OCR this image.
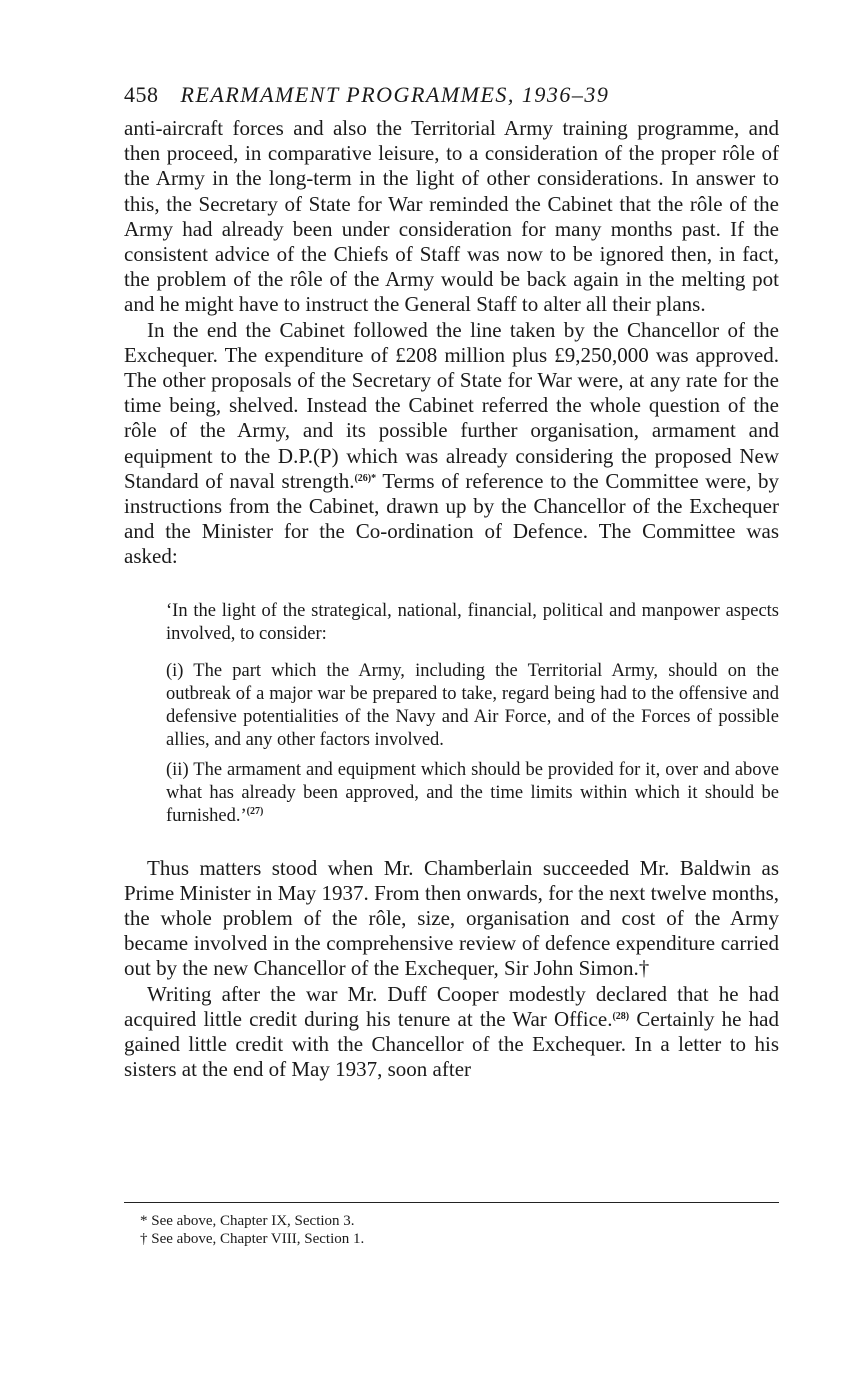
458 REARMAMENT PROGRAMMES, 1936–39

anti-aircraft forces and also the Territorial Army training programme, and then proceed, in comparative leisure, to a consideration of the proper rôle of the Army in the long-term in the light of other considerations. In answer to this, the Secretary of State for War reminded the Cabinet that the rôle of the Army had already been under consideration for many months past. If the consistent advice of the Chiefs of Staff was now to be ignored then, in fact, the problem of the rôle of the Army would be back again in the melting pot and he might have to instruct the General Staff to alter all their plans.

In the end the Cabinet followed the line taken by the Chancellor of the Exchequer. The expenditure of £208 million plus £9,250,000 was approved. The other proposals of the Secretary of State for War were, at any rate for the time being, shelved. Instead the Cabinet referred the whole question of the rôle of the Army, and its possible further organisation, armament and equipment to the D.P.(P) which was already considering the proposed New Standard of naval strength.$^{(26)*}$ Terms of reference to the Committee were, by instructions from the Cabinet, drawn up by the Chancellor of the Exchequer and the Minister for the Co-ordination of Defence. The Committee was asked:

‘In the light of the strategical, national, financial, political and manpower aspects involved, to consider:

(i) The part which the Army, including the Territorial Army, should on the outbreak of a major war be prepared to take, regard being had to the offensive and defensive potentialities of the Navy and Air Force, and of the Forces of possible allies, and any other factors involved.
(ii) The armament and equipment which should be provided for it, over and above what has already been approved, and the time limits within which it should be furnished.’$^{(27)}$

Thus matters stood when Mr. Chamberlain succeeded Mr. Baldwin as Prime Minister in May 1937. From then onwards, for the next twelve months, the whole problem of the rôle, size, organisation and cost of the Army became involved in the comprehensive review of defence expenditure carried out by the new Chancellor of the Exchequer, Sir John Simon.†

Writing after the war Mr. Duff Cooper modestly declared that he had acquired little credit during his tenure at the War Office.$^{(28)}$ Certainly he had gained little credit with the Chancellor of the Exchequer. In a letter to his sisters at the end of May 1937, soon after

* See above, Chapter IX, Section 3.
† See above, Chapter VIII, Section 1.
